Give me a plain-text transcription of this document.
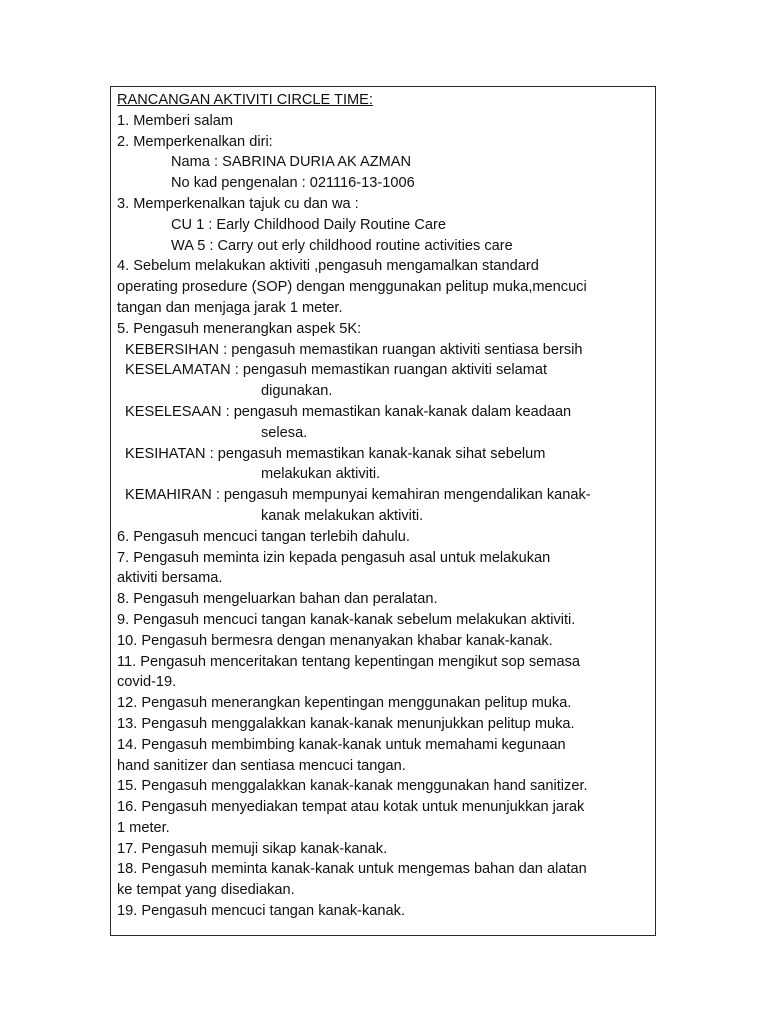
RANCANGAN AKTIVITI CIRCLE TIME:
1. Memberi salam
2. Memperkenalkan diri:
Nama : SABRINA DURIA AK AZMAN
No kad pengenalan : 021116-13-1006
3. Memperkenalkan tajuk cu dan wa :
CU 1 : Early Childhood Daily Routine Care
WA 5 : Carry out erly childhood routine activities care
4. Sebelum melakukan aktiviti ,pengasuh mengamalkan standard
operating prosedure (SOP) dengan menggunakan pelitup muka,mencuci
tangan dan menjaga jarak 1 meter.
5. Pengasuh menerangkan aspek 5K:
KEBERSIHAN : pengasuh memastikan ruangan aktiviti sentiasa bersih
KESELAMATAN : pengasuh memastikan ruangan aktiviti selamat
digunakan.
KESELESAAN : pengasuh memastikan kanak-kanak dalam keadaan
selesa.
KESIHATAN : pengasuh memastikan kanak-kanak sihat sebelum
melakukan aktiviti.
KEMAHIRAN : pengasuh mempunyai kemahiran mengendalikan kanak-
kanak melakukan aktiviti.
6. Pengasuh mencuci tangan terlebih dahulu.
7. Pengasuh meminta izin kepada pengasuh asal untuk melakukan
aktiviti bersama.
8. Pengasuh mengeluarkan bahan dan peralatan.
9. Pengasuh mencuci tangan kanak-kanak sebelum melakukan aktiviti.
10. Pengasuh bermesra dengan menanyakan khabar kanak-kanak.
11. Pengasuh menceritakan tentang kepentingan mengikut sop semasa
covid-19.
12. Pengasuh menerangkan kepentingan menggunakan pelitup muka.
13. Pengasuh menggalakkan kanak-kanak menunjukkan pelitup muka.
14. Pengasuh membimbing kanak-kanak untuk memahami kegunaan
hand sanitizer dan sentiasa mencuci tangan.
15. Pengasuh menggalakkan kanak-kanak menggunakan hand sanitizer.
16. Pengasuh menyediakan tempat atau kotak untuk menunjukkan jarak
1 meter.
17. Pengasuh memuji sikap kanak-kanak.
18. Pengasuh meminta kanak-kanak untuk mengemas bahan dan alatan
ke tempat yang disediakan.
19. Pengasuh mencuci tangan kanak-kanak.
